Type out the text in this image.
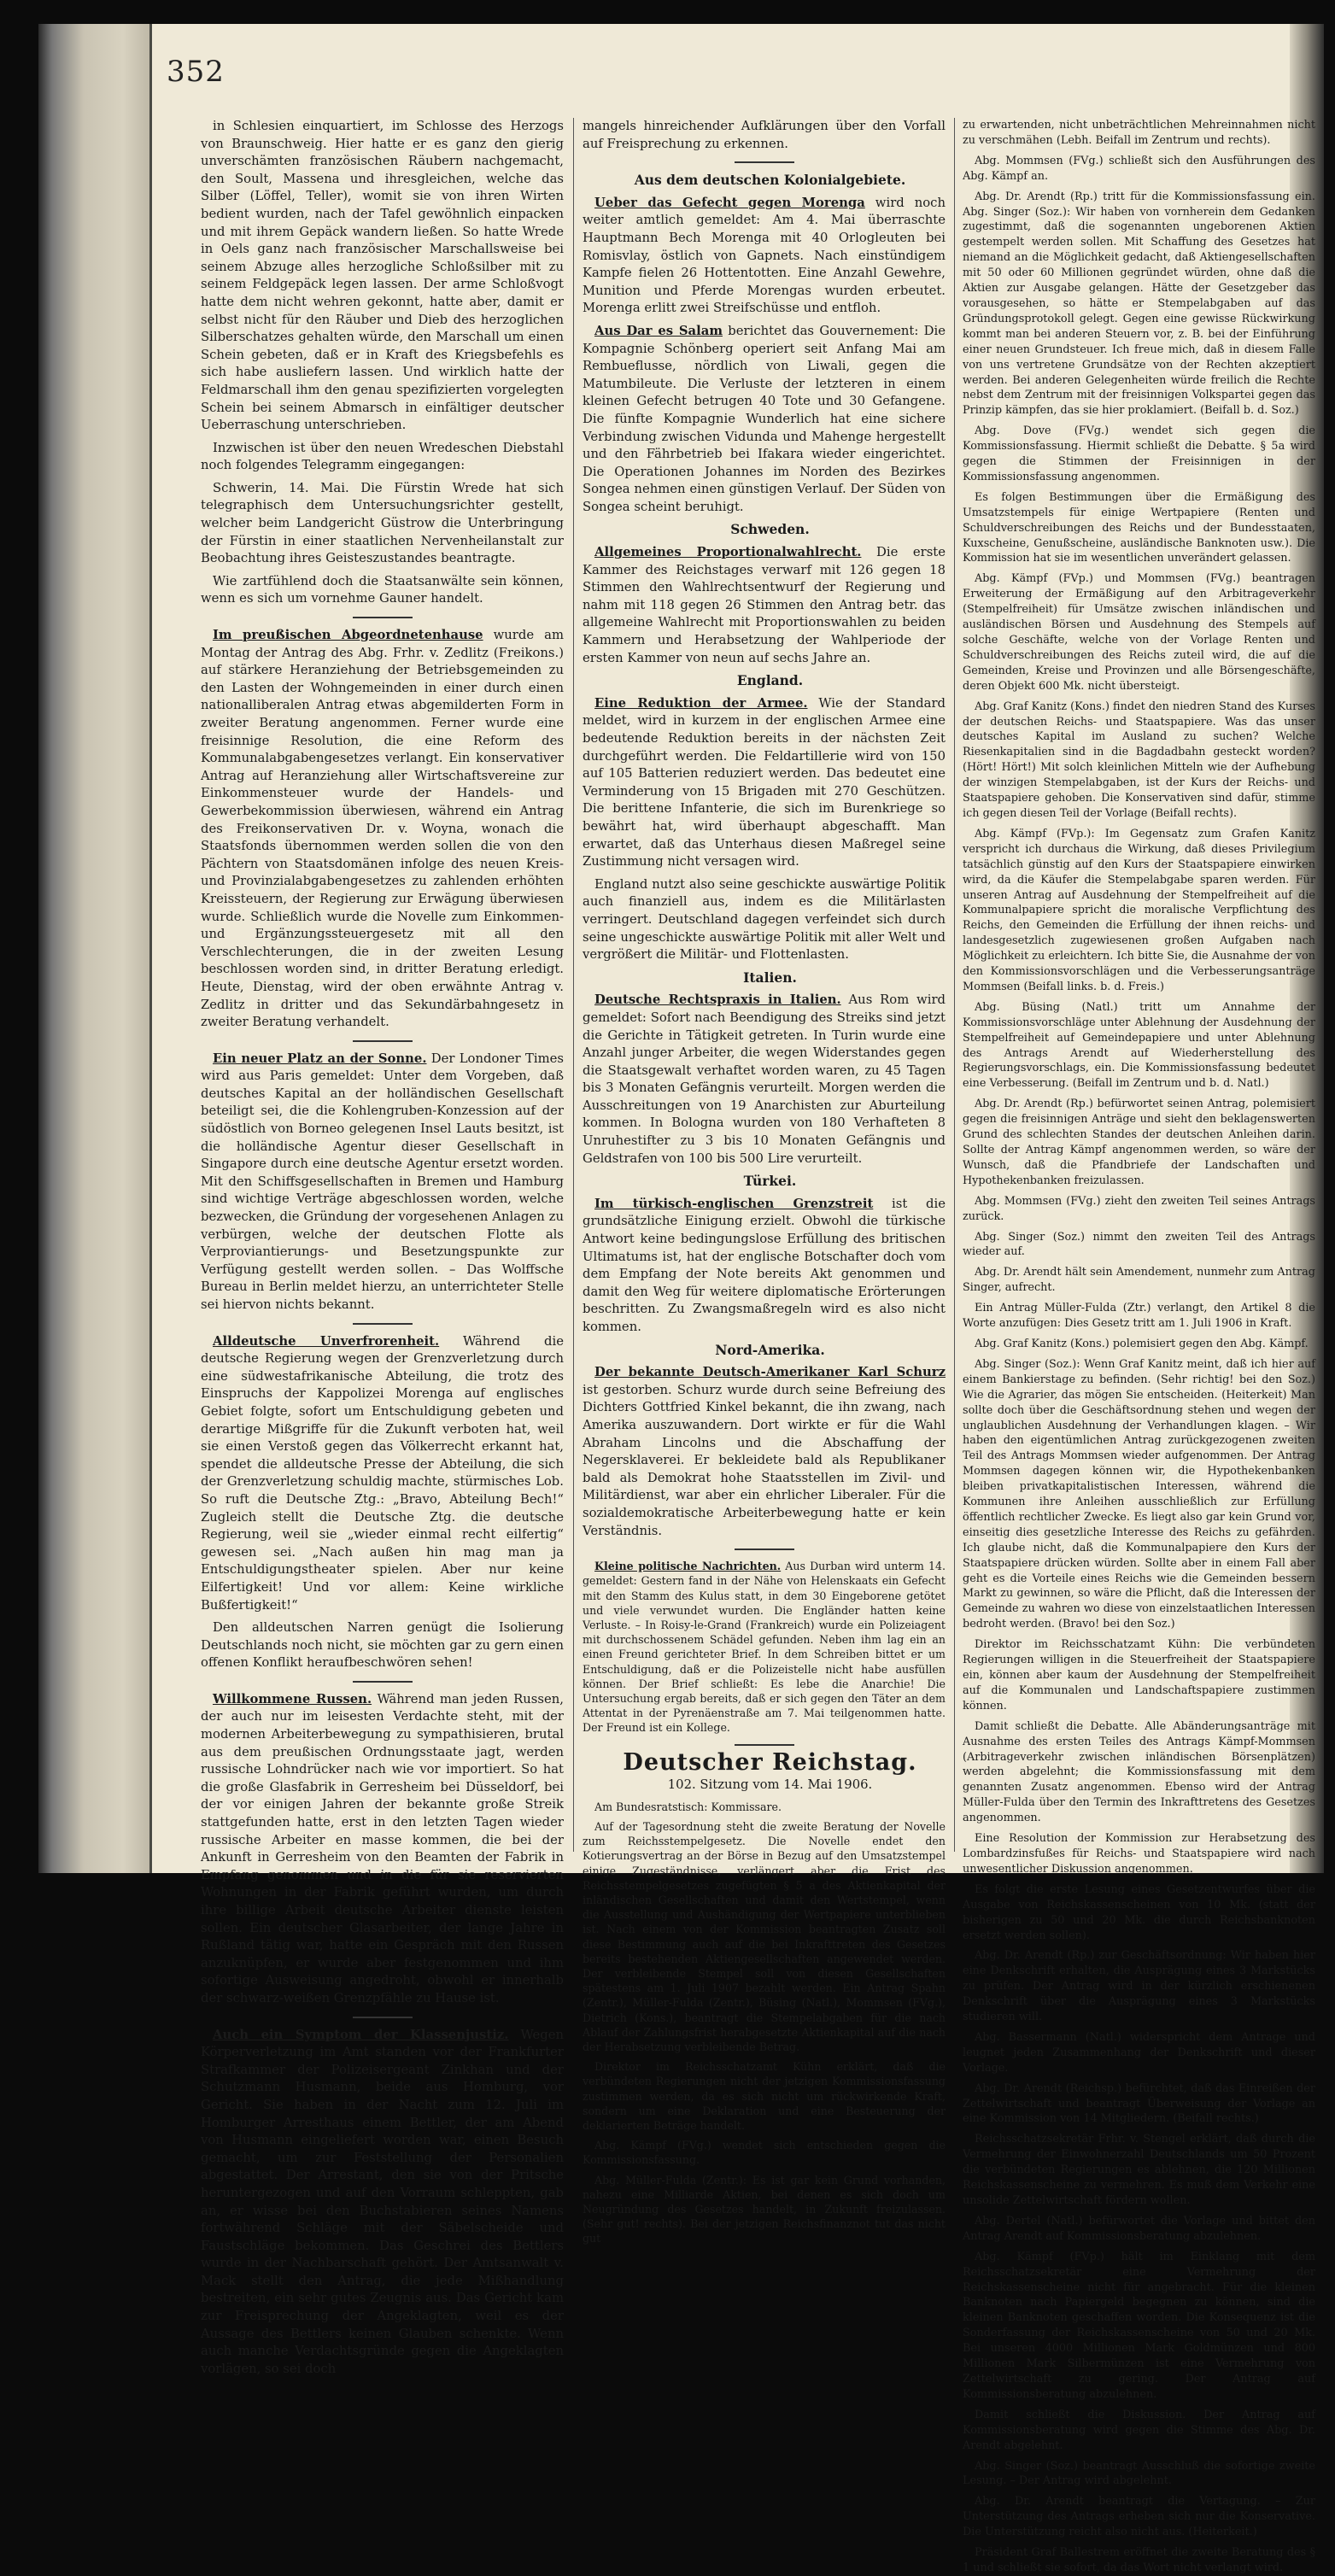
352

in Schlesien einquartiert, im Schlosse des Herzogs von Braunschweig. Hier hatte er es ganz den gierig unverschämten französischen Räubern nachgemacht, den Soult, Massena und ihresgleichen, welche das Silber (Löffel, Teller), womit sie von ihren Wirten bedient wurden, nach der Tafel gewöhnlich einpacken und mit ihrem Gepäck wandern ließen. So hatte Wrede in Oels ganz nach französischer Marschallsweise bei seinem Abzuge alles herzogliche Schloßsilber mit zu seinem Feldgepäck legen lassen. Der arme Schloßvogt hatte dem nicht wehren gekonnt, hatte aber, damit er selbst nicht für den Räuber und Dieb des herzoglichen Silberschatzes gehalten würde, den Marschall um einen Schein gebeten, daß er in Kraft des Kriegsbefehls es sich habe ausliefern lassen. Und wirklich hatte der Feldmarschall ihm den genau spezifizierten vorgelegten Schein bei seinem Abmarsch in einfältiger deutscher Ueberraschung unterschrieben.

Inzwischen ist über den neuen Wredeschen Diebstahl noch folgendes Telegramm eingegangen:

Schwerin, 14. Mai. Die Fürstin Wrede hat sich telegraphisch dem Untersuchungsrichter gestellt, welcher beim Landgericht Güstrow die Unterbringung der Fürstin in einer staatlichen Nervenheilanstalt zur Beobachtung ihres Geisteszustandes beantragte.

Wie zartfühlend doch die Staatsanwälte sein können, wenn es sich um vornehme Gauner handelt.

Im preußischen Abgeordnetenhause wurde am Montag der Antrag des Abg. Frhr. v. Zedlitz (Freikons.) auf stärkere Heranziehung der Betriebsgemeinden zu den Lasten der Wohngemeinden in einer durch einen nationalliberalen Antrag etwas abgemilderten Form in zweiter Beratung angenommen. Ferner wurde eine freisinnige Resolution, die eine Reform des Kommunalabgabengesetzes verlangt. Ein konservativer Antrag auf Heranziehung aller Wirtschaftsvereine zur Einkommensteuer wurde der Handels- und Gewerbekommission überwiesen, während ein Antrag des Freikonservativen Dr. v. Woyna, wonach die Staatsfonds übernommen werden sollen die von den Pächtern von Staatsdomänen infolge des neuen Kreis- und Provinzialabgabengesetzes zu zahlenden erhöhten Kreissteuern, der Regierung zur Erwägung überwiesen wurde. Schließlich wurde die Novelle zum Einkommen- und Ergänzungssteuergesetz mit all den Verschlechterungen, die in der zweiten Lesung beschlossen worden sind, in dritter Beratung erledigt. Heute, Dienstag, wird der oben erwähnte Antrag v. Zedlitz in dritter und das Sekundärbahngesetz in zweiter Beratung verhandelt.

Ein neuer Platz an der Sonne. Der Londoner Times wird aus Paris gemeldet: Unter dem Vorgeben, daß deutsches Kapital an der holländischen Gesellschaft beteiligt sei, die die Kohlengruben-Konzession auf der südöstlich von Borneo gelegenen Insel Lauts besitzt, ist die holländische Agentur dieser Gesellschaft in Singapore durch eine deutsche Agentur ersetzt worden. Mit den Schiffsgesellschaften in Bremen und Hamburg sind wichtige Verträge abgeschlossen worden, welche bezwecken, die Gründung der vorgesehenen Anlagen zu verbürgen, welche der deutschen Flotte als Verproviantierungs- und Besetzungspunkte zur Verfügung gestellt werden sollen. – Das Wolffsche Bureau in Berlin meldet hierzu, an unterrichteter Stelle sei hiervon nichts bekannt.

Alldeutsche Unverfrorenheit. Während die deutsche Regierung wegen der Grenzverletzung durch eine südwestafrikanische Abteilung, die trotz des Einspruchs der Kappolizei Morenga auf englisches Gebiet folgte, sofort um Entschuldigung gebeten und derartige Mißgriffe für die Zukunft verboten hat, weil sie einen Verstoß gegen das Völkerrecht erkannt hat, spendet die alldeutsche Presse der Abteilung, die sich der Grenzverletzung schuldig machte, stürmisches Lob. So ruft die Deutsche Ztg.: „Bravo, Abteilung Bech!“ Zugleich stellt die Deutsche Ztg. die deutsche Regierung, weil sie „wieder einmal recht eilfertig“ gewesen sei. „Nach außen hin mag man ja Entschuldigungstheater spielen. Aber nur keine Eilfertigkeit! Und vor allem: Keine wirkliche Bußfertigkeit!“

Den alldeutschen Narren genügt die Isolierung Deutschlands noch nicht, sie möchten gar zu gern einen offenen Konflikt heraufbeschwören sehen!

Willkommene Russen. Während man jeden Russen, der auch nur im leisesten Verdachte steht, mit der modernen Arbeiterbewegung zu sympathisieren, brutal aus dem preußischen Ordnungsstaate jagt, werden russische Lohndrücker nach wie vor importiert. So hat die große Glasfabrik in Gerresheim bei Düsseldorf, bei der vor einigen Jahren der bekannte große Streik stattgefunden hatte, erst in den letzten Tagen wieder russische Arbeiter en masse kommen, die bei der Ankunft in Gerresheim von den Beamten der Fabrik in Empfang genommen und in die für sie reservierten Wohnungen in der Fabrik geführt wurden, um durch ihre billige Arbeit deutsche Arbeiter dienste leisten sollen. Ein deutscher Glasarbeiter, der lange Jahre in Rußland tätig war, hatte ein Gespräch mit den Russen anzuknüpfen, er wurde aber festgenommen und ihm sofortige Ausweisung angedroht, obwohl er innerhalb der schwarz-weißen Grenzpfähle zu Hause ist.

Auch ein Symptom der Klassenjustiz. Wegen Körperverletzung im Amt standen vor der Frankfurter Strafkammer der Polizeisergeant Zinkhan und der Schutzmann Husmann, beide aus Homburg, vor Gericht. Sie haben in der Nacht zum 12. Juli im Homburger Arresthaus einem Bettler, der am Abend von Husmann eingeliefert worden war, einen Besuch gemacht, um zur Feststellung der Personalien abgestattet. Der Arrestant, den sie von der Pritsche heruntergezogen und auf den Vorraum schleppten, gab an, er wisse bei den Buchstabieren seines Namens fortwährend Schläge mit der Säbelscheide und Faustschläge bekommen. Das Geschrei des Bettlers wurde in der Nachbarschaft gehört. Der Amtsanwalt v. Mack stellt den Antrag, die jede Mißhandlung bestreiten, ein sehr gutes Zeugnis aus. Das Gericht kam zur Freisprechung der Angeklagten, weil es der Aussage des Bettlers keinen Glauben schenkte. Wenn auch manche Verdachtsgründe gegen die Angeklagten vorlägen, so sei doch

mangels hinreichender Aufklärungen über den Vorfall auf Freisprechung zu erkennen.

Aus dem deutschen Kolonialgebiete.

Ueber das Gefecht gegen Morenga wird noch weiter amtlich gemeldet: Am 4. Mai überraschte Hauptmann Bech Morenga mit 40 Orlogleuten bei Romisvlay, östlich von Gapnets. Nach einstündigem Kampfe fielen 26 Hottentotten. Eine Anzahl Gewehre, Munition und Pferde Morengas wurden erbeutet. Morenga erlitt zwei Streifschüsse und entfloh.

Aus Dar es Salam berichtet das Gouvernement: Die Kompagnie Schönberg operiert seit Anfang Mai am Rembueflusse, nördlich von Liwali, gegen die Matumbileute. Die Verluste der letzteren in einem kleinen Gefecht betrugen 40 Tote und 30 Gefangene. Die fünfte Kompagnie Wunderlich hat eine sichere Verbindung zwischen Vidunda und Mahenge hergestellt und den Fährbetrieb bei Ifakara wieder eingerichtet. Die Operationen Johannes im Norden des Bezirkes Songea nehmen einen günstigen Verlauf. Der Süden von Songea scheint beruhigt.

Schweden.

Allgemeines Proportionalwahlrecht. Die erste Kammer des Reichstages verwarf mit 126 gegen 18 Stimmen den Wahlrechtsentwurf der Regierung und nahm mit 118 gegen 26 Stimmen den Antrag betr. das allgemeine Wahlrecht mit Proportionswahlen zu beiden Kammern und Herabsetzung der Wahlperiode der ersten Kammer von neun auf sechs Jahre an.

England.

Eine Reduktion der Armee. Wie der Standard meldet, wird in kurzem in der englischen Armee eine bedeutende Reduktion bereits in der nächsten Zeit durchgeführt werden. Die Feldartillerie wird von 150 auf 105 Batterien reduziert werden. Das bedeutet eine Verminderung von 15 Brigaden mit 270 Geschützen. Die berittene Infanterie, die sich im Burenkriege so bewährt hat, wird überhaupt abgeschafft. Man erwartet, daß das Unterhaus diesen Maßregel seine Zustimmung nicht versagen wird.

England nutzt also seine geschickte auswärtige Politik auch finanziell aus, indem es die Militärlasten verringert. Deutschland dagegen verfeindet sich durch seine ungeschickte auswärtige Politik mit aller Welt und vergrößert die Militär- und Flottenlasten.

Italien.

Deutsche Rechtspraxis in Italien. Aus Rom wird gemeldet: Sofort nach Beendigung des Streiks sind jetzt die Gerichte in Tätigkeit getreten. In Turin wurde eine Anzahl junger Arbeiter, die wegen Widerstandes gegen die Staatsgewalt verhaftet worden waren, zu 45 Tagen bis 3 Monaten Gefängnis verurteilt. Morgen werden die Ausschreitungen von 19 Anarchisten zur Aburteilung kommen. In Bologna wurden von 180 Verhafteten 8 Unruhestifter zu 3 bis 10 Monaten Gefängnis und Geldstrafen von 100 bis 500 Lire verurteilt.

Türkei.

Im türkisch-englischen Grenzstreit ist die grundsätzliche Einigung erzielt. Obwohl die türkische Antwort keine bedingungslose Erfüllung des britischen Ultimatums ist, hat der englische Botschafter doch vom dem Empfang der Note bereits Akt genommen und damit den Weg für weitere diplomatische Erörterungen beschritten. Zu Zwangsmaßregeln wird es also nicht kommen.

Nord-Amerika.

Der bekannte Deutsch-Amerikaner Karl Schurz ist gestorben. Schurz wurde durch seine Befreiung des Dichters Gottfried Kinkel bekannt, die ihn zwang, nach Amerika auszuwandern. Dort wirkte er für die Wahl Abraham Lincolns und die Abschaffung der Negersklaverei. Er bekleidete bald als Republikaner bald als Demokrat hohe Staatsstellen im Zivil- und Militärdienst, war aber ein ehrlicher Liberaler. Für die sozialdemokratische Arbeiterbewegung hatte er kein Verständnis.

Kleine politische Nachrichten. Aus Durban wird unterm 14. gemeldet: Gestern fand in der Nähe von Helenskaats ein Gefecht mit den Stamm des Kulus statt, in dem 30 Eingeborene getötet und viele verwundet wurden. Die Engländer hatten keine Verluste. – In Roisy-le-Grand (Frankreich) wurde ein Polizeiagent mit durchschossenem Schädel gefunden. Neben ihm lag ein an einen Freund gerichteter Brief. In dem Schreiben bittet er um Entschuldigung, daß er die Polizeistelle nicht habe ausfüllen können. Der Brief schließt: Es lebe die Anarchie! Die Untersuchung ergab bereits, daß er sich gegen den Täter an dem Attentat in der Pyrenäenstraße am 7. Mai teilgenommen hatte. Der Freund ist ein Kollege.

Deutscher Reichstag.

102. Sitzung vom 14. Mai 1906.

Am Bundesratstisch: Kommissare.

Auf der Tagesordnung steht die zweite Beratung der Novelle zum Reichsstempelgesetz. Die Novelle endet den Kotierungsvertrag an der Börse in Bezug auf den Umsatzstempel einige Zugeständnisse, verlängert aber die Frist des Reichsstempelgesetzes zugefügten § 5 a des Aktienkapital der inländischen Gesellschaften und damit den Wertstempel, wenn die Ausstellung und Aushändigung der Wertpapiere unterblieben ist. Nach einem von der Kommission beantragten Zusatz soll diese Bestimmung auch auf die bei Inkrafttreten des Gesetzes bereits bestehenden Aktiengesellschaften angewendet werden. Der verbleibende Stempel soll von diesen Gesellschaften spätestens am 1. Juli 1907 bezahlt werden. Ein Antrag Spahn (Zentr.), Müller-Fulda (Zentr.), Büsing (Natl.), Mommsen (FVg.), Dietrich (Kons.), beantragt die Stempelabgaben für die nach Ablauf der Zahlungsfrist herabgesetzte Aktienkapital auf die nach der Herabsetzung verbleibende Betrag.

Direktor im Reichsschatzamt Kühn erklärt, daß die verbündeten Regierungen nicht der jetzigen Kommissionsfassung zustimmen werden, da es sich nicht um rückwirkende Kraft, sondern um eine Deklaration und eine Besteuerung der deklarierten Beträge handelt.

Abg. Kämpf (FVg.) wendet sich entschieden gegen die Kommissionsfassung.

Abg. Müller-Fulda (Zentr.): Es ist gar kein Grund vorhanden, nahezu eine Milliarde Aktien, bei denen es sich doch um Neugründung des Gesetzes handelt, in Zukunft freizulassen. (Sehr gut! rechts). Bei der jetzigen Reichsfinanznot tut das nicht gut

zu erwartenden, nicht unbeträchtlichen Mehreinnahmen nicht zu verschmähen (Lebh. Beifall im Zentrum und rechts).

Abg. Mommsen (FVg.) schließt sich den Ausführungen des Abg. Kämpf an.

Abg. Dr. Arendt (Rp.) tritt für die Kommissionsfassung ein. Abg. Singer (Soz.): Wir haben von vornherein dem Gedanken zugestimmt, daß die sogenannten ungeborenen Aktien gestempelt werden sollen. Mit Schaffung des Gesetzes hat niemand an die Möglichkeit gedacht, daß Aktiengesellschaften mit 50 oder 60 Millionen gegründet würden, ohne daß die Aktien zur Ausgabe gelangen. Hätte der Gesetzgeber das vorausgesehen, so hätte er Stempelabgaben auf das Gründungsprotokoll gelegt. Gegen eine gewisse Rückwirkung kommt man bei anderen Steuern vor, z. B. bei der Einführung einer neuen Grundsteuer. Ich freue mich, daß in diesem Falle von uns vertretene Grundsätze von der Rechten akzeptiert werden. Bei anderen Gelegenheiten würde freilich die Rechte nebst dem Zentrum mit der freisinnigen Volkspartei gegen das Prinzip kämpfen, das sie hier proklamiert. (Beifall b. d. Soz.)

Abg. Dove (FVg.) wendet sich gegen die Kommissionsfassung. Hiermit schließt die Debatte. § 5a wird gegen die Stimmen der Freisinnigen in der Kommissionsfassung angenommen.

Es folgen Bestimmungen über die Ermäßigung des Umsatzstempels für einige Wertpapiere (Renten und Schuldverschreibungen des Reichs und der Bundesstaaten, Kuxscheine, Genußscheine, ausländische Banknoten usw.). Die Kommission hat sie im wesentlichen unverändert gelassen.

Abg. Kämpf (FVp.) und Mommsen (FVg.) beantragen Erweiterung der Ermäßigung auf den Arbitrageverkehr (Stempelfreiheit) für Umsätze zwischen inländischen und ausländischen Börsen und Ausdehnung des Stempels auf solche Geschäfte, welche von der Vorlage Renten und Schuldverschreibungen des Reichs zuteil wird, die auf die Gemeinden, Kreise und Provinzen und alle Börsengeschäfte, deren Objekt 600 Mk. nicht übersteigt.

Abg. Graf Kanitz (Kons.) findet den niedren Stand des Kurses der deutschen Reichs- und Staatspapiere. Was das unser deutsches Kapital im Ausland zu suchen? Welche Riesenkapitalien sind in die Bagdadbahn gesteckt worden? (Hört! Hört!) Mit solch kleinlichen Mitteln wie der Aufhebung der winzigen Stempelabgaben, ist der Kurs der Reichs- und Staatspapiere gehoben. Die Konservativen sind dafür, stimme ich gegen diesen Teil der Vorlage (Beifall rechts).

Abg. Kämpf (FVp.): Im Gegensatz zum Grafen Kanitz verspricht ich durchaus die Wirkung, daß dieses Privilegium tatsächlich günstig auf den Kurs der Staatspapiere einwirken wird, da die Käufer die Stempelabgabe sparen werden. Für unseren Antrag auf Ausdehnung der Stempelfreiheit auf die Kommunalpapiere spricht die moralische Verpflichtung des Reichs, den Gemeinden die Erfüllung der ihnen reichs- und landesgesetzlich zugewiesenen großen Aufgaben nach Möglichkeit zu erleichtern. Ich bitte Sie, die Ausnahme der von den Kommissionsvorschlägen und die Verbesserungsanträge Mommsen (Beifall links. b. d. Freis.)

Abg. Büsing (Natl.) tritt um Annahme der Kommissionsvorschläge unter Ablehnung der Ausdehnung der Stempelfreiheit auf Gemeindepapiere und unter Ablehnung des Antrags Arendt auf Wiederherstellung des Regierungsvorschlags, ein. Die Kommissionsfassung bedeutet eine Verbesserung. (Beifall im Zentrum und b. d. Natl.)

Abg. Dr. Arendt (Rp.) befürwortet seinen Antrag, polemisiert gegen die freisinnigen Anträge und sieht den beklagenswerten Grund des schlechten Standes der deutschen Anleihen darin. Sollte der Antrag Kämpf angenommen werden, so wäre der Wunsch, daß die Pfandbriefe der Landschaften und Hypothekenbanken freizulassen.

Abg. Mommsen (FVg.) zieht den zweiten Teil seines Antrags zurück.

Abg. Singer (Soz.) nimmt den zweiten Teil des Antrags wieder auf.

Abg. Dr. Arendt hält sein Amendement, nunmehr zum Antrag Singer, aufrecht.

Ein Antrag Müller-Fulda (Ztr.) verlangt, den Artikel 8 die Worte anzufügen: Dies Gesetz tritt am 1. Juli 1906 in Kraft.

Abg. Graf Kanitz (Kons.) polemisiert gegen den Abg. Kämpf.

Abg. Singer (Soz.): Wenn Graf Kanitz meint, daß ich hier auf einem Bankierstage zu befinden. (Sehr richtig! bei den Soz.) Wie die Agrarier, das mögen Sie entscheiden. (Heiterkeit) Man sollte doch über die Geschäftsordnung stehen und wegen der unglaublichen Ausdehnung der Verhandlungen klagen. – Wir haben den eigentümlichen Antrag zurückgezogenen zweiten Teil des Antrags Mommsen wieder aufgenommen. Der Antrag Mommsen dagegen können wir, die Hypothekenbanken bleiben privatkapitalistischen Interessen, während die Kommunen ihre Anleihen ausschließlich zur Erfüllung öffentlich rechtlicher Zwecke. Es liegt also gar kein Grund vor, einseitig dies gesetzliche Interesse des Reichs zu gefährden. Ich glaube nicht, daß die Kommunalpapiere den Kurs der Staatspapiere drücken würden. Sollte aber in einem Fall aber geht es die Vorteile eines Reichs wie die Gemeinden bessern Markt zu gewinnen, so wäre die Pflicht, daß die Interessen der Gemeinde zu wahren wo diese von einzelstaatlichen Interessen bedroht werden. (Bravo! bei den Soz.)

Direktor im Reichsschatzamt Kühn: Die verbündeten Regierungen willigen in die Steuerfreiheit der Staatspapiere ein, können aber kaum der Ausdehnung der Stempelfreiheit auf die Kommunalen und Landschaftspapiere zustimmen können.

Damit schließt die Debatte. Alle Abänderungsanträge mit Ausnahme des ersten Teiles des Antrags Kämpf-Mommsen (Arbitrageverkehr zwischen inländischen Börsenplätzen) werden abgelehnt; die Kommissionsfassung mit dem genannten Zusatz angenommen. Ebenso wird der Antrag Müller-Fulda über den Termin des Inkrafttretens des Gesetzes angenommen.

Eine Resolution der Kommission zur Herabsetzung des Lombardzinsfußes für Reichs- und Staatspapiere wird nach unwesentlicher Diskussion angenommen.

Es folgt die erste Lesung eines Gesetzentwurfes über die Ausgabe von Reichskassenscheinen von 10 Mk. (statt der bisherigen zu 50 und 20 Mk. die durch Reichsbanknoten ersetzt werden sollen).

Abg. Dr. Arendt (Rp.) zur Geschäftsordnung: Wir haben hier eine Denkschrift erhalten, die Ausprägung eines 3 Markstücks zu prüfen. Der Antrag wird in der kürzlich erschienenen Denkschrift über die Ausprägung eines 3 Markstücks studieren will.

Abg. Bassermann (Natl.) widerspricht dem Antrage und leugnet jeden Zusammenhang der Denkschrift und dieser Vorlage.

Abg. Dr. Arendt (Reichsp.) befürchtet, daß das Einreißen der Zettelwirtschaft und beantragt Überweisung der Vorlage an eine Kommission von 14 Mitgliedern. (Beifall rechts.)

Reichsschatzsekretär Frhr. v. Stengel erklärt, daß durch die Vermehrung der Einwohnerzahl Deutschlands um 50 Prozent die verbündeten Regierungen es ablehnen, die 120 Millionen Reichskassenscheine zu vermehren. Es muß dem Verkehr eine unsolide Zettelwirtschaft fördern wollen.

Abg. Dertel (Natl.) befürwortet die Vorlage und bittet den Antrag Arendt auf Kommissionsberatung abzulehnen.

Abg. Kämpf (FVp.) hält im Einklang mit dem Reichsschatzsekretär eine Vermehrung der Reichskassenscheine nicht für angebracht. Für die kleinen Banknoten nach Papiergeld begegnen zu können, sind die kleinen Banknoten geschaffen worden. Die Konsequenz ist die Sonderfassung der Reichskassenscheine von 50 und 20 Mk. Bei unseren 4000 Millionen Mark Goldmünzen und 800 Millionen Mark Silbermünzen ist eine Vermehrung von Zettelwirtschaft zu gering. Der Antrag auf Kommissionsberatung abzulehnen.

Damit schließt die Diskussion. Der Antrag auf Kommissionsberatung wird gegen die Stimme des Abg. Dr. Arendt abgelehnt.

Abg. Singer (Soz.) beantragt Ausschluß die sofortige zweite Lesung. – Der Antrag wird abgelehnt.

Abg. Dr. Arendt beantragt die Vertagung. – Zur Unterstützung des Antrags erheben sich nur die Konservative. Die Unterstützung reicht also nicht aus. (Heiterkeit.)

Präsident Graf Ballestrem eröffnet die zweite Beratung des § 1 und schließt sie sofort, da das Wort nicht verlangt wird.
